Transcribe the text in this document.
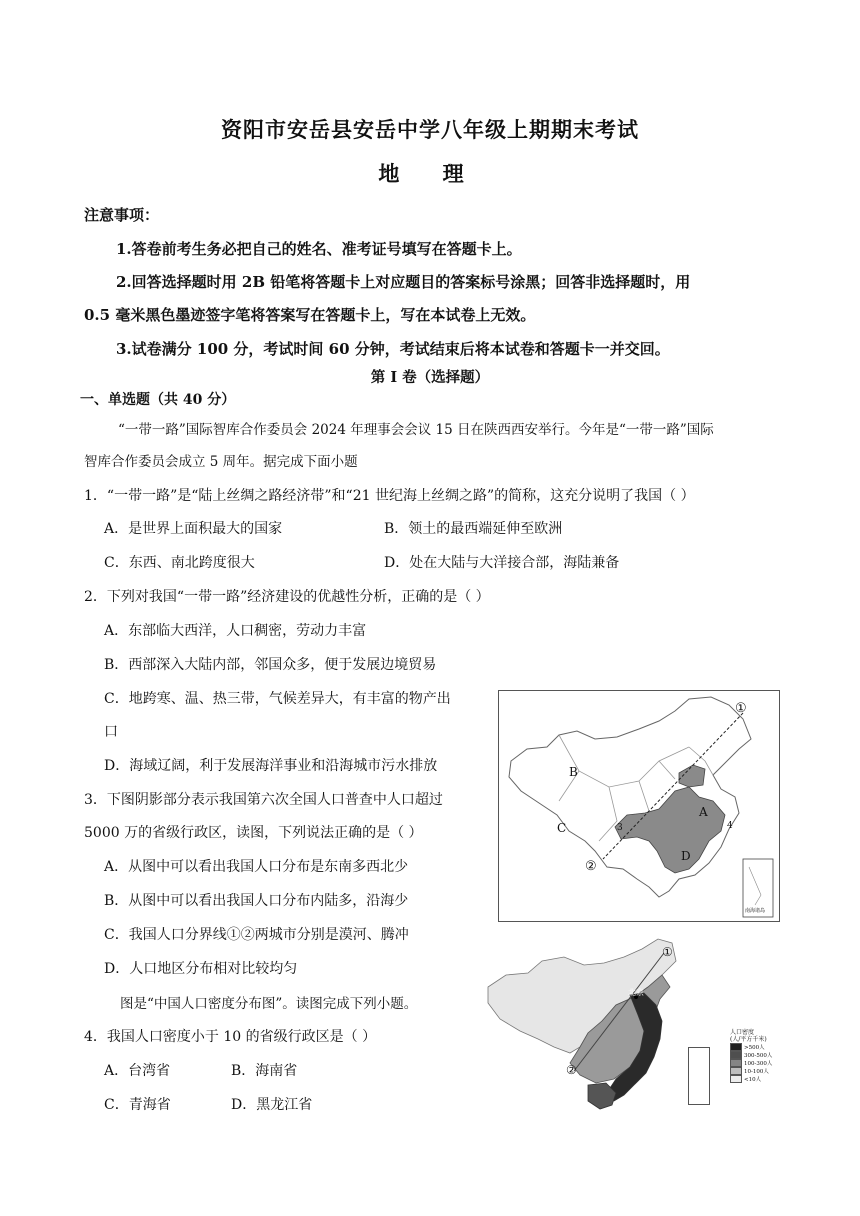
资阳市安岳县安岳中学八年级上期期末考试
地 理
注意事项：
1.答卷前考生务必把自己的姓名、准考证号填写在答题卡上。
2.回答选择题时用 2B 铅笔将答题卡上对应题目的答案标号涂黑；回答非选择题时，用
0.5 毫米黑色墨迹签字笔将答案写在答题卡上，写在本试卷上无效。
3.试卷满分 100 分，考试时间 60 分钟，考试结束后将本试卷和答题卡一并交回。
第 I 卷（选择题）
一、单选题（共 40 分）
“一带一路”国际智库合作委员会 2024 年理事会会议 15 日在陕西西安举行。今年是“一带一路”国际
智库合作委员会成立 5 周年。据完成下面小题
1．“一带一路”是“陆上丝绸之路经济带”和“21 世纪海上丝绸之路”的简称，这充分说明了我国（ ）
A．是世界上面积最大的国家	B．领土的最西端延伸至欧洲
C．东西、南北跨度很大	D．处在大陆与大洋接合部，海陆兼备
2．下列对我国“一带一路”经济建设的优越性分析，正确的是（ ）
A．东部临大西洋，人口稠密，劳动力丰富
B．西部深入大陆内部，邻国众多，便于发展边境贸易
C．地跨寒、温、热三带，气候差异大，有丰富的物产出
口
D．海域辽阔，利于发展海洋事业和沿海城市污水排放
3．下图阴影部分表示我国第六次全国人口普查中人口超过
5000 万的省级行政区，读图，下列说法正确的是（ ）
A．从图中可以看出我国人口分布是东南多西北少
B．从图中可以看出我国人口分布内陆多，沿海少
C．我国人口分界线①②两城市分别是漠河、腾冲
D．人口地区分布相对比较均匀
图是“中国人口密度分布图”。读图完成下列小题。
4．我国人口密度小于 10 的省级行政区是（ ）
A．台湾省	B．海南省
C．青海省	D．黑龙江省
①
②
A
B
C
D
3	4
南海诸岛
①
②
北京
人口密度
(人/平方千米)
>500人
300-500人
100-300人
10-100人
<10人
